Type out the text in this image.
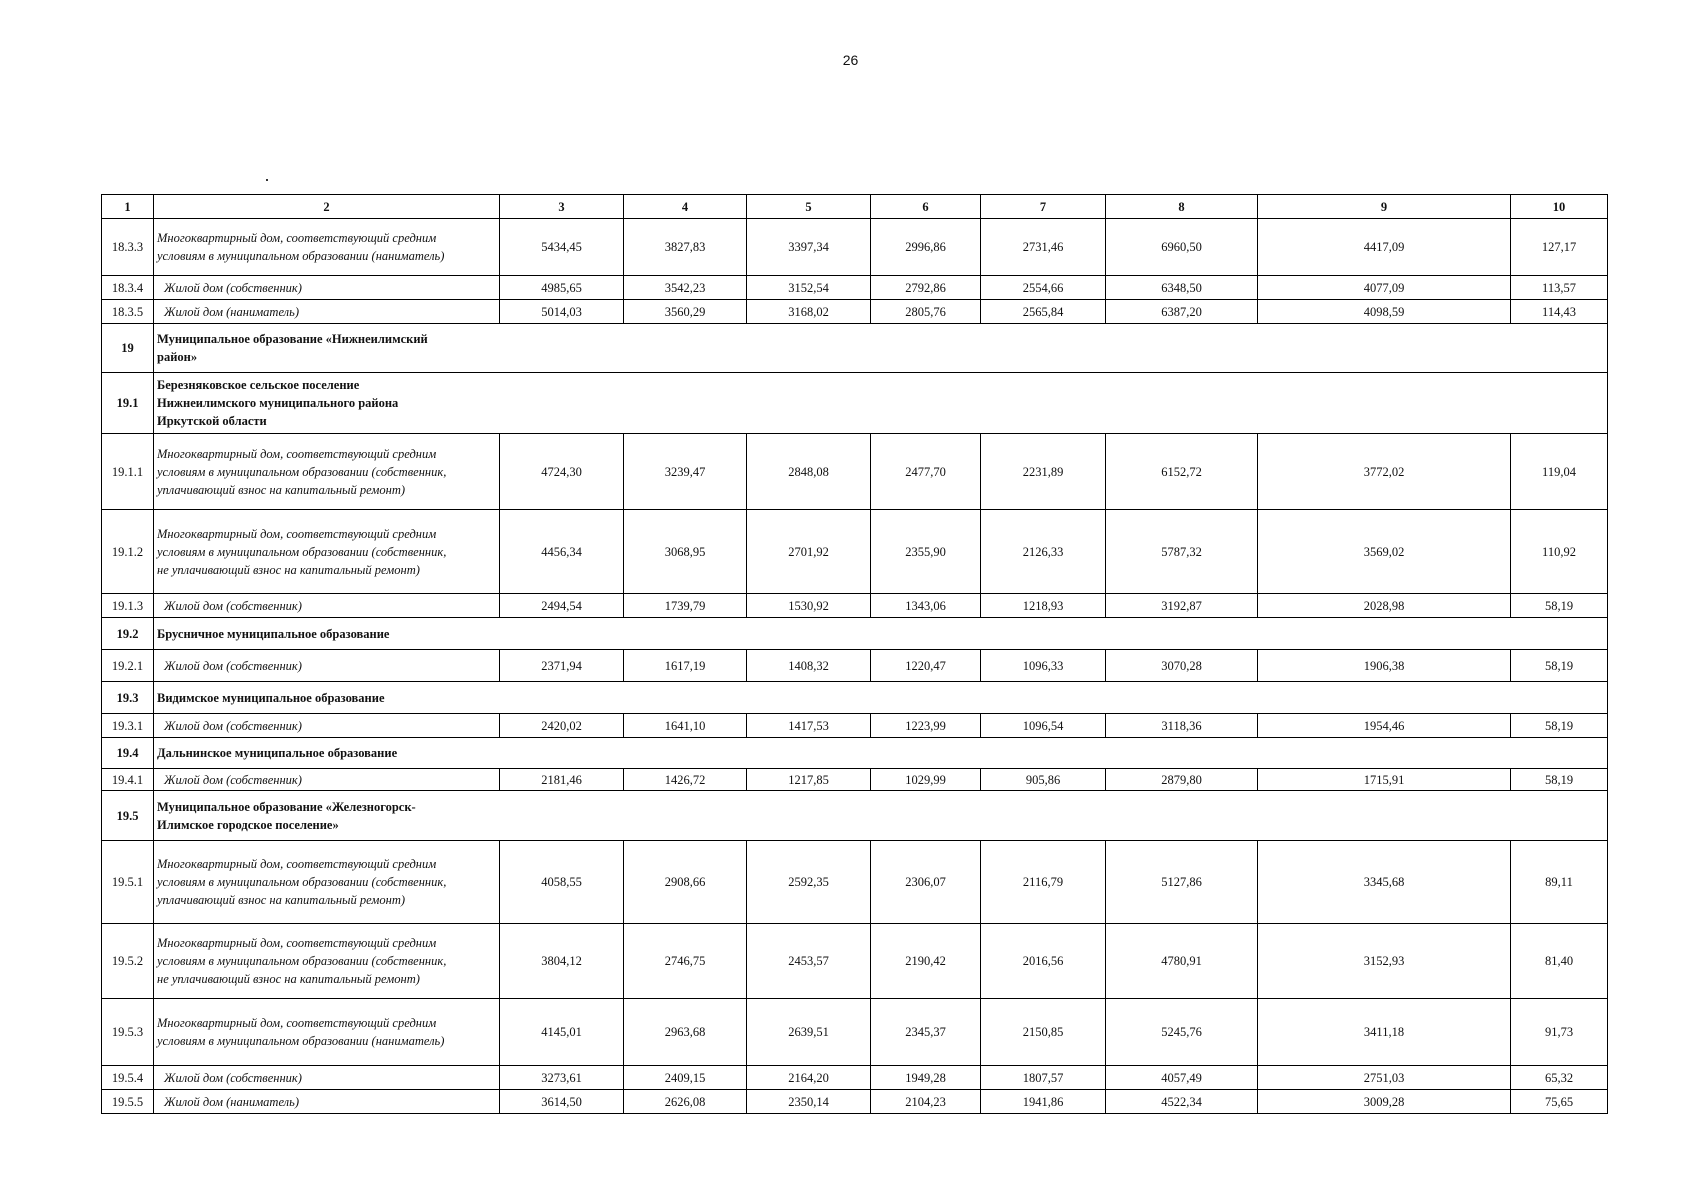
26
1	2	3	4	5	6	7	8	9	10
18.3.3	Многоквартирный дом, соответствующий средним
условиям в муниципальном образовании (наниматель)	5434,45	3827,83	3397,34	2996,86	2731,46	6960,50	4417,09	127,17
18.3.4	Жилой дом (собственник)	4985,65	3542,23	3152,54	2792,86	2554,66	6348,50	4077,09	113,57
18.3.5	Жилой дом (наниматель)	5014,03	3560,29	3168,02	2805,76	2565,84	6387,20	4098,59	114,43
19	Муниципальное образование «Нижнеилимский
район»								

19.1	Березняковское сельское поселение
Нижнеилимского муниципального района
Иркутской области								

19.1.1	Многоквартирный дом, соответствующий средним
условиям в муниципальном образовании (собственник,
уплачивающий взнос на капитальный ремонт)	4724,30	3239,47	2848,08	2477,70	2231,89	6152,72	3772,02	119,04
19.1.2	Многоквартирный дом, соответствующий средним
условиям в муниципальном образовании (собственник,
не уплачивающий взнос на капитальный ремонт)	4456,34	3068,95	2701,92	2355,90	2126,33	5787,32	3569,02	110,92
19.1.3	Жилой дом (собственник)	2494,54	1739,79	1530,92	1343,06	1218,93	3192,87	2028,98	58,19
19.2	Брусничное муниципальное образование								

19.2.1	Жилой дом (собственник)	2371,94	1617,19	1408,32	1220,47	1096,33	3070,28	1906,38	58,19
19.3	Видимское муниципальное образование								

19.3.1	Жилой дом (собственник)	2420,02	1641,10	1417,53	1223,99	1096,54	3118,36	1954,46	58,19
19.4	Дальнинское муниципальное образование								

19.4.1	Жилой дом (собственник)	2181,46	1426,72	1217,85	1029,99	905,86	2879,80	1715,91	58,19
19.5	Муниципальное образование «Железногорск-
Илимское городское поселение»								

19.5.1	Многоквартирный дом, соответствующий средним
условиям в муниципальном образовании (собственник,
уплачивающий взнос на капитальный ремонт)	4058,55	2908,66	2592,35	2306,07	2116,79	5127,86	3345,68	89,11
19.5.2	Многоквартирный дом, соответствующий средним
условиям в муниципальном образовании (собственник,
не уплачивающий взнос на капитальный ремонт)	3804,12	2746,75	2453,57	2190,42	2016,56	4780,91	3152,93	81,40
19.5.3	Многоквартирный дом, соответствующий средним
условиям в муниципальном образовании (наниматель)	4145,01	2963,68	2639,51	2345,37	2150,85	5245,76	3411,18	91,73
19.5.4	Жилой дом (собственник)	3273,61	2409,15	2164,20	1949,28	1807,57	4057,49	2751,03	65,32
19.5.5	Жилой дом (наниматель)	3614,50	2626,08	2350,14	2104,23	1941,86	4522,34	3009,28	75,65
